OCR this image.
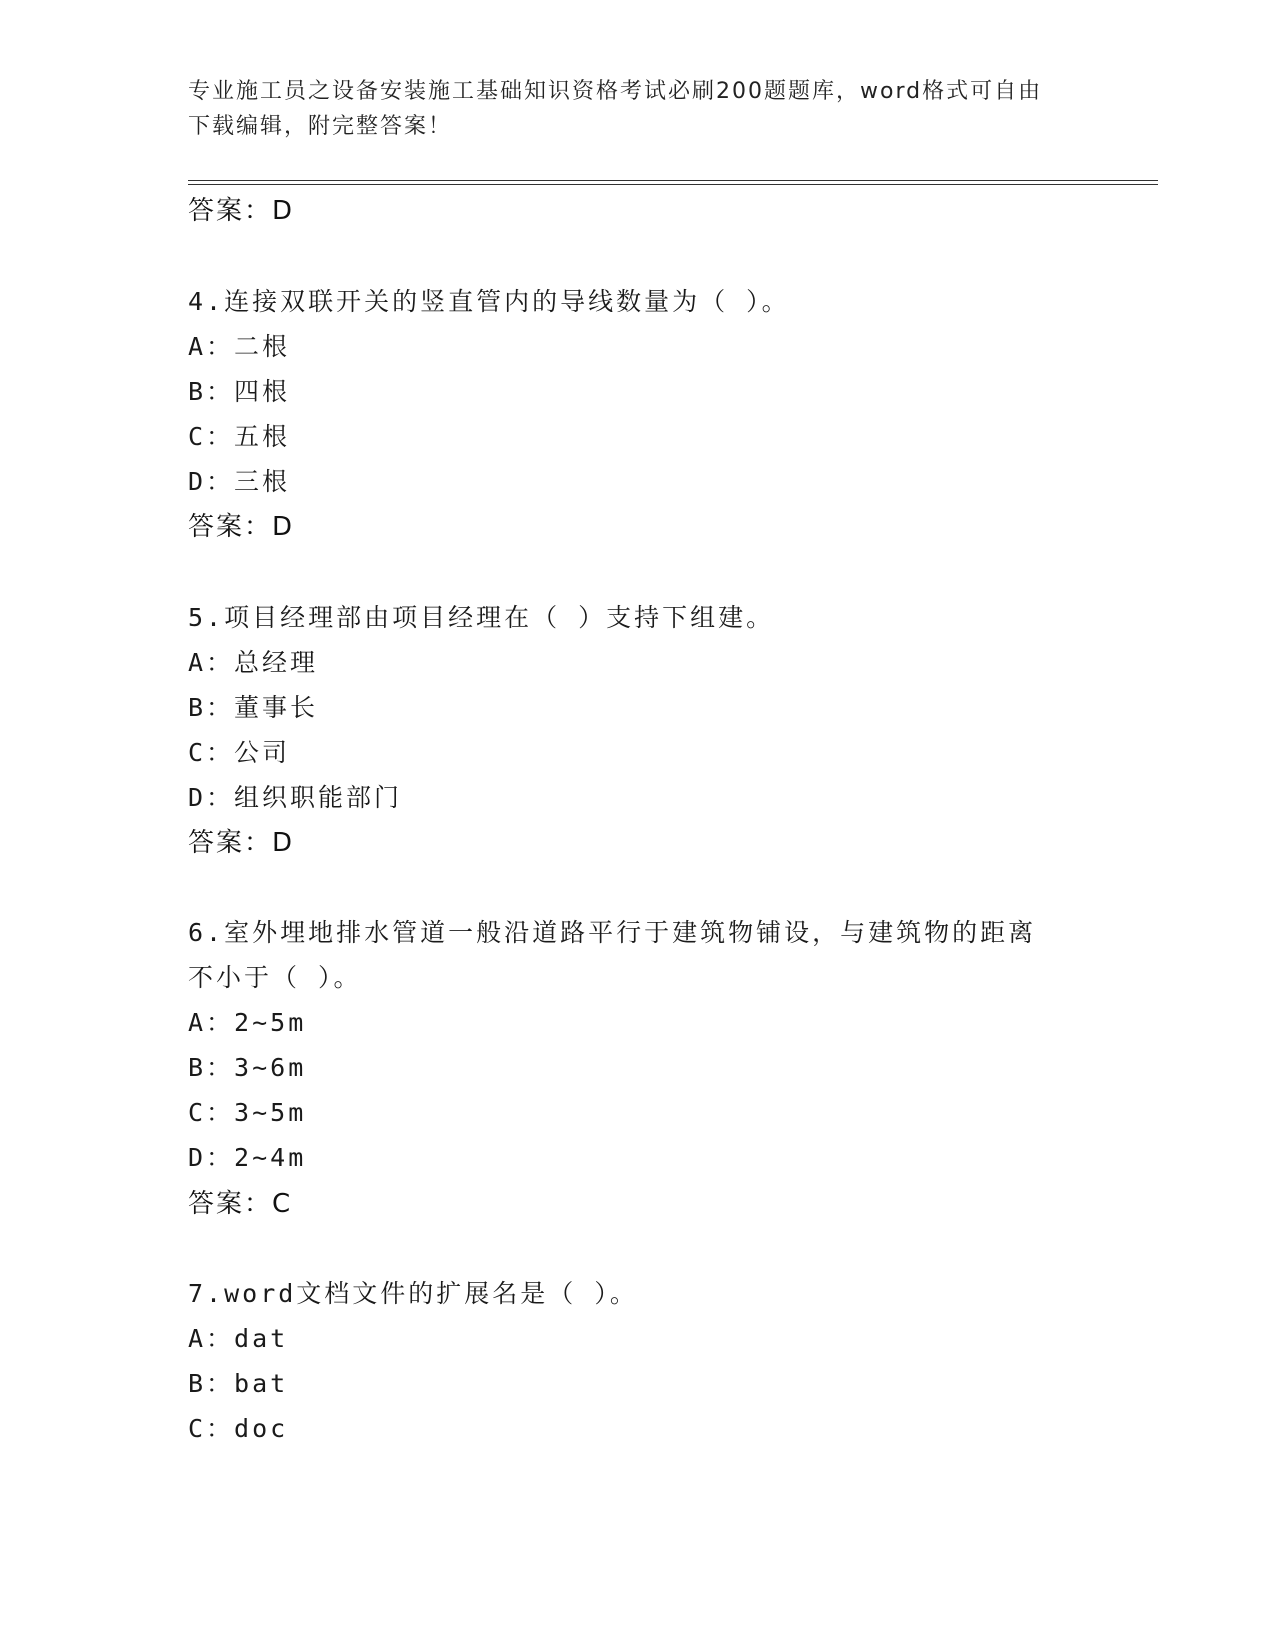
专业施工员之设备安装施工基础知识资格考试必刷200题题库，word格式可自由
下载编辑，附完整答案！
答案：D
4.连接双联开关的竖直管内的导线数量为（ ）。
A：二根
B：四根
C：五根
D：三根
答案：D
5.项目经理部由项目经理在（ ）支持下组建。
A：总经理
B：董事长
C：公司
D：组织职能部门
答案：D
6.室外埋地排水管道一般沿道路平行于建筑物铺设，与建筑物的距离
不小于（ ）。
A：2~5m
B：3~6m
C：3~5m
D：2~4m
答案：C
7.word文档文件的扩展名是（ ）。
A：dat
B：bat
C：doc
